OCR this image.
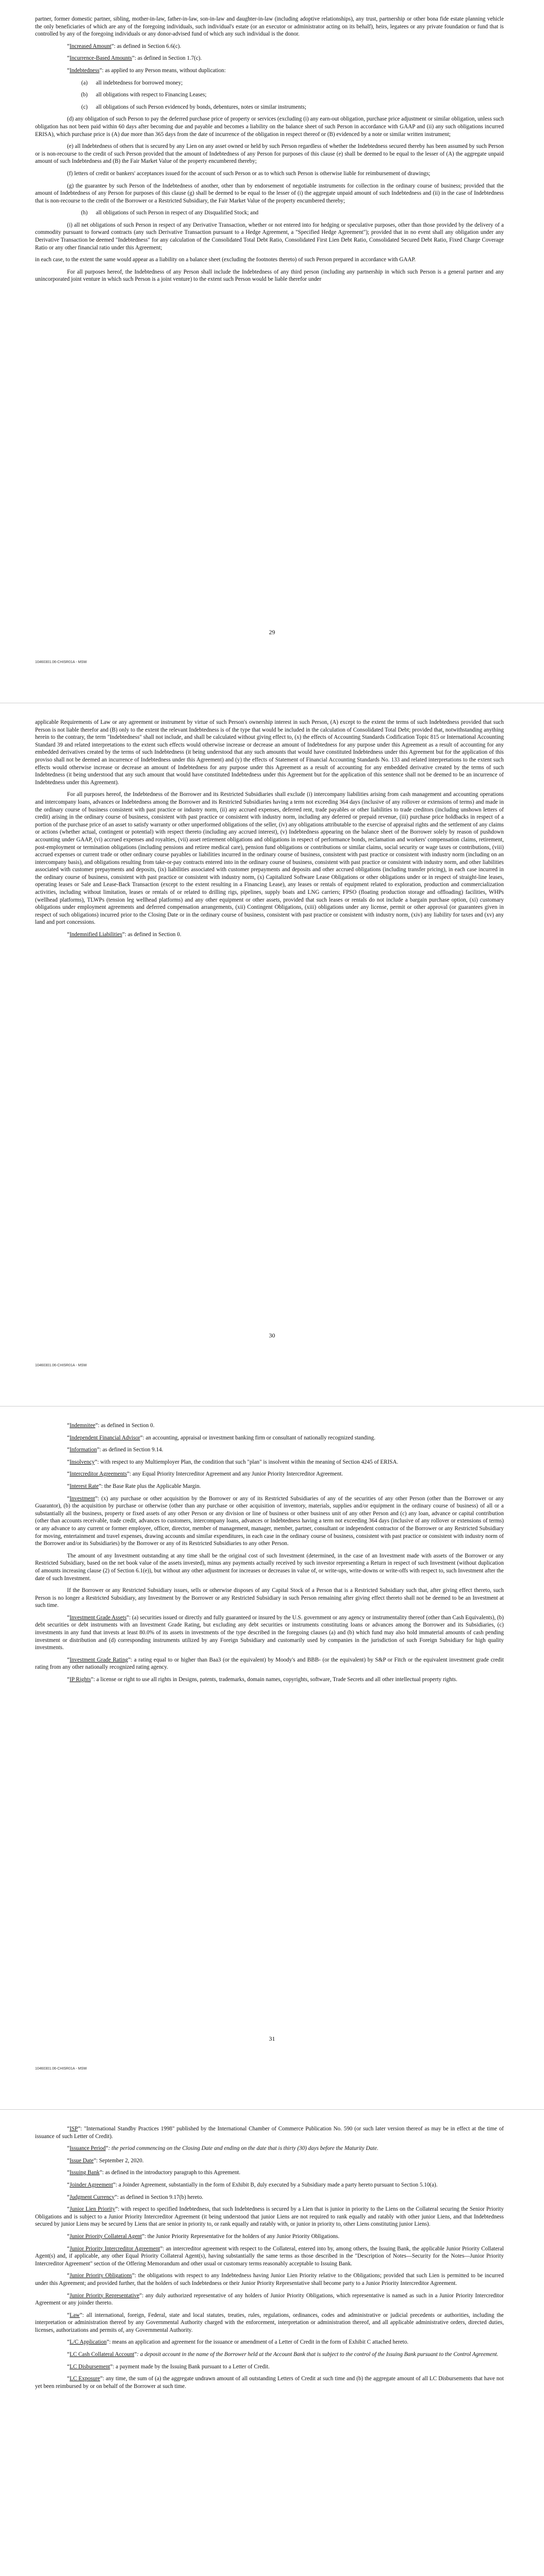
partner, former domestic partner, sibling, mother-in-law, father-in-law, son-in-law and daughter-in-law (including adoptive relationships), any trust, partnership or other bona fide estate planning vehicle the only beneficiaries of which are any of the foregoing individuals, such individual's estate (or an executor or administrator acting on its behalf), heirs, legatees or any private foundation or fund that is controlled by any of the foregoing individuals or any donor-advised fund of which any such individual is the donor.

“Increased Amount”: as defined in Section 6.6(c).

“Incurrence-Based Amounts”: as defined in Section 1.7(c).

“Indebtedness”: as applied to any Person means, without duplication:

(a)	all indebtedness for borrowed money;
(b)	all obligations with respect to Financing Leases;
(c)	all obligations of such Person evidenced by bonds, debentures, notes or similar instruments;

(d) any obligation of such Person to pay the deferred purchase price of property or services (excluding (i) any earn-out obligation, purchase price adjustment or similar obligation, unless such obligation has not been paid within 60 days after becoming due and payable and becomes a liability on the balance sheet of such Person in accordance with GAAP and (ii) any such obligations incurred ERISA), which purchase price is (A) due more than 365 days from the date of incurrence of the obligation in respect thereof or (B) evidenced by a note or similar written instrument;

(e) all Indebtedness of others that is secured by any Lien on any asset owned or held by such Person regardless of whether the Indebtedness secured thereby has been assumed by such Person or is non-recourse to the credit of such Person provided that the amount of Indebtedness of any Person for purposes of this clause (e) shall be deemed to be equal to the lesser of (A) the aggregate unpaid amount of such Indebtedness and (B) the Fair Market Value of the property encumbered thereby;

(f) letters of credit or bankers' acceptances issued for the account of such Person or as to which such Person is otherwise liable for reimbursement of drawings;

(g) the guarantee by such Person of the Indebtedness of another, other than by endorsement of negotiable instruments for collection in the ordinary course of business; provided that the amount of Indebtedness of any Person for purposes of this clause (g) shall be deemed to be equal to the lesser of (i) the aggregate unpaid amount of such Indebtedness and (ii) in the case of Indebtedness that is non-recourse to the credit of the Borrower or a Restricted Subsidiary, the Fair Market Value of the property encumbered thereby;

(h)	all obligations of such Person in respect of any Disqualified Stock; and

(i) all net obligations of such Person in respect of any Derivative Transaction, whether or not entered into for hedging or speculative purposes, other than those provided by the delivery of a commodity pursuant to forward contracts (any such Derivative Transaction pursuant to a Hedge Agreement, a "Specified Hedge Agreement"); provided that in no event shall any obligation under any Derivative Transaction be deemed "Indebtedness" for any calculation of the Consolidated Total Debt Ratio, Consolidated First Lien Debt Ratio, Consolidated Secured Debt Ratio, Fixed Charge Coverage Ratio or any other financial ratio under this Agreement;

in each case, to the extent the same would appear as a liability on a balance sheet (excluding the footnotes thereto) of such Person prepared in accordance with GAAP.

For all purposes hereof, the Indebtedness of any Person shall include the Indebtedness of any third person (including any partnership in which such Person is a general partner and any unincorporated joint venture in which such Person is a joint venture) to the extent such Person would be liable therefor under

29
10460301.06-CHISR01A - MSW

applicable Requirements of Law or any agreement or instrument by virtue of such Person's ownership interest in such Person, (A) except to the extent the terms of such Indebtedness provided that such Person is not liable therefor and (B) only to the extent the relevant Indebtedness is of the type that would be included in the calculation of Consolidated Total Debt; provided that, notwithstanding anything herein to the contrary, the term "Indebtedness" shall not include, and shall be calculated without giving effect to, (x) the effects of Accounting Standards Codification Topic 815 or International Accounting Standard 39 and related interpretations to the extent such effects would otherwise increase or decrease an amount of Indebtedness for any purpose under this Agreement as a result of accounting for any embedded derivatives created by the terms of such Indebtedness (it being understood that any such amounts that would have constituted Indebtedness under this Agreement but for the application of this proviso shall not be deemed an incurrence of Indebtedness under this Agreement) and (y) the effects of Statement of Financial Accounting Standards No. 133 and related interpretations to the extent such effects would otherwise increase or decrease an amount of Indebtedness for any purpose under this Agreement as a result of accounting for any embedded derivative created by the terms of such Indebtedness (it being understood that any such amount that would have constituted Indebtedness under this Agreement but for the application of this sentence shall not be deemed to be an incurrence of Indebtedness under this Agreement).

For all purposes hereof, the Indebtedness of the Borrower and its Restricted Subsidiaries shall exclude (i) intercompany liabilities arising from cash management and accounting operations and intercompany loans, advances or Indebtedness among the Borrower and its Restricted Subsidiaries having a term not exceeding 364 days (inclusive of any rollover or extensions of terms) and made in the ordinary course of business consistent with past practice or industry norm, (ii) any accrued expenses, deferred rent, trade payables or other liabilities to trade creditors (including unshown letters of credit) arising in the ordinary course of business, consistent with past practice or consistent with industry norm, including any deferred or prepaid revenue, (iii) purchase price holdbacks in respect of a portion of the purchase price of an asset to satisfy warranty or other unperformed obligations of the seller, (iv) any obligations attributable to the exercise of appraisal rights and the settlement of any claims or actions (whether actual, contingent or potential) with respect thereto (including any accrued interest), (v) Indebtedness appearing on the balance sheet of the Borrower solely by reason of pushdown accounting under GAAP, (vi) accrued expenses and royalties, (vii) asset retirement obligations and obligations in respect of performance bonds, reclamation and workers' compensation claims, retirement, post-employment or termination obligations (including pensions and retiree medical care), pension fund obligations or contributions or similar claims, social security or wage taxes or contributions, (viii) accrued expenses or current trade or other ordinary course payables or liabilities incurred in the ordinary course of business, consistent with past practice or consistent with industry norm (including on an intercompany basis), and obligations resulting from take-or-pay contracts entered into in the ordinary course of business, consistent with past practice or consistent with industry norm, and other liabilities associated with customer prepayments and deposits, (ix) liabilities associated with customer prepayments and deposits and other accrued obligations (including transfer pricing), in each case incurred in the ordinary course of business, consistent with past practice or consistent with industry norm, (x) Capitalized Software Lease Obligations or other obligations under or in respect of straight-line leases, operating leases or Sale and Lease-Back Transaction (except to the extent resulting in a Financing Lease), any leases or rentals of equipment related to exploration, production and commercialization activities, including without limitation, leases or rentals of or related to drilling rigs, pipelines, supply boats and LNG carriers; FPSO (floating production storage and offloading) facilities, WHPs (wellhead platforms), TLWPs (tension leg wellhead platforms) and any other equipment or other assets, provided that such leases or rentals do not include a bargain purchase option, (xi) customary obligations under employment agreements and deferred compensation arrangements, (xii) Contingent Obligations, (xiii) obligations under any license, permit or other approval (or guarantees given in respect of such obligations) incurred prior to the Closing Date or in the ordinary course of business, consistent with past practice or consistent with industry norm, (xiv) any liability for taxes and (xv) any land and port concessions.

“Indemnified Liabilities”: as defined in Section 0.

30
10460301.06-CHISR01A - MSW

“Indemnitee”: as defined in Section 0.

“Independent Financial Advisor”: an accounting, appraisal or investment banking firm or consultant of nationally recognized standing.

“Information”: as defined in Section 9.14.

“Insolvency”: with respect to any Multiemployer Plan, the condition that such "plan" is insolvent within the meaning of Section 4245 of ERISA.

“Intercreditor Agreements”: any Equal Priority Intercreditor Agreement and any Junior Priority Intercreditor Agreement.

“Interest Rate”: the Base Rate plus the Applicable Margin.

“Investment”: (x) any purchase or other acquisition by the Borrower or any of its Restricted Subsidiaries of any of the securities of any other Person (other than the Borrower or any Guarantor), (b) the acquisition by purchase or otherwise (other than any purchase or other acquisition of inventory, materials, supplies and/or equipment in the ordinary course of business) of all or a substantially all the business, property or fixed assets of any other Person or any division or line of business or other business unit of any other Person and (c) any loan, advance or capital contribution (other than accounts receivable, trade credit, advances to customers, intercompany loans, advances or Indebtedness having a term not exceeding 364 days (inclusive of any rollover or extensions of terms) or any advance to any current or former employee, officer, director, member of management, manager, member, partner, consultant or independent contractor of the Borrower or any Restricted Subsidiary for moving, entertainment and travel expenses, drawing accounts and similar expenditures, in each case in the ordinary course of business, consistent with past practice or consistent with industry norm of the Borrower and/or its Subsidiaries) by the Borrower or any of its Restricted Subsidiaries to any other Person.

The amount of any Investment outstanding at any time shall be the original cost of such Investment (determined, in the case of an Investment made with assets of the Borrower or any Restricted Subsidiary, based on the net book value of the assets invested), minus any payments actually received by such investor representing a Return in respect of such Investment (without duplication of amounts increasing clause (2) of Section 6.1(e)), but without any other adjustment for increases or decreases in value of, or write-ups, write-downs or write-offs with respect to, such Investment after the date of such Investment.

If the Borrower or any Restricted Subsidiary issues, sells or otherwise disposes of any Capital Stock of a Person that is a Restricted Subsidiary such that, after giving effect thereto, such Person is no longer a Restricted Subsidiary, any Investment by the Borrower or any Restricted Subsidiary in such Person remaining after giving effect thereto shall not be deemed to be an Investment at such time.

“Investment Grade Assets”: (a) securities issued or directly and fully guaranteed or insured by the U.S. government or any agency or instrumentality thereof (other than Cash Equivalents), (b) debt securities or debt instruments with an Investment Grade Rating, but excluding any debt securities or instruments constituting loans or advances among the Borrower and its Subsidiaries, (c) investments in any fund that invests at least 80.0% of its assets in investments of the type described in the foregoing clauses (a) and (b) which fund may also hold immaterial amounts of cash pending investment or distribution and (d) corresponding instruments utilized by any Foreign Subsidiary and customarily used by companies in the jurisdiction of such Foreign Subsidiary for high quality investments.

“Investment Grade Rating”: a rating equal to or higher than Baa3 (or the equivalent) by Moody's and BBB- (or the equivalent) by S&P or Fitch or the equivalent investment grade credit rating from any other nationally recognized rating agency.

“IP Rights”: a license or right to use all rights in Designs, patents, trademarks, domain names, copyrights, software, Trade Secrets and all other intellectual property rights.

31
10460301.06-CHISR01A - MSW

“ISP”: "International Standby Practices 1998" published by the International Chamber of Commerce Publication No. 590 (or such later version thereof as may be in effect at the time of issuance of such Letter of Credit).

“Issuance Period”: the period commencing on the Closing Date and ending on the date that is thirty (30) days before the Maturity Date.

“Issue Date”: September 2, 2020.

“Issuing Bank”: as defined in the introductory paragraph to this Agreement.

“Joinder Agreement”: a Joinder Agreement, substantially in the form of Exhibit B, duly executed by a Subsidiary made a party hereto pursuant to Section 5.10(a).

“Judgment Currency”: as defined in Section 9.17(b) hereto.

“Junior Lien Priority”: with respect to specified Indebtedness, that such Indebtedness is secured by a Lien that is junior in priority to the Liens on the Collateral securing the Senior Priority Obligations and is subject to a Junior Priority Intercreditor Agreement (it being understood that junior Liens are not required to rank equally and ratably with other junior Liens, and that Indebtedness secured by junior Liens may be secured by Liens that are senior in priority to, or rank equally and ratably with, or junior in priority to, other Liens constituting junior Liens).

“Junior Priority Collateral Agent”: the Junior Priority Representative for the holders of any Junior Priority Obligations.

“Junior Priority Intercreditor Agreement”: an intercreditor agreement with respect to the Collateral, entered into by, among others, the Issuing Bank, the applicable Junior Priority Collateral Agent(s) and, if applicable, any other Equal Priority Collateral Agent(s), having substantially the same terms as those described in the "Description of Notes—Security for the Notes—Junior Priority Intercreditor Agreement" section of the Offering Memorandum and other usual or customary terms reasonably acceptable to Issuing Bank.

“Junior Priority Obligations”: the obligations with respect to any Indebtedness having Junior Lien Priority relative to the Obligations; provided that such Lien is permitted to be incurred under this Agreement; and provided further, that the holders of such Indebtedness or their Junior Priority Representative shall become party to a Junior Priority Intercreditor Agreement.

“Junior Priority Representative”: any duly authorized representative of any holders of Junior Priority Obligations, which representative is named as such in a Junior Priority Intercreditor Agreement or any joinder thereto.

“Law”: all international, foreign, Federal, state and local statutes, treaties, rules, regulations, ordinances, codes and administrative or judicial precedents or authorities, including the interpretation or administration thereof by any Governmental Authority charged with the enforcement, interpretation or administration thereof, and all applicable administrative orders, directed duties, licenses, authorizations and permits of, any Governmental Authority.

“L/C Application”: means an application and agreement for the issuance or amendment of a Letter of Credit in the form of Exhibit C attached hereto.

“LC Cash Collateral Account”: a deposit account in the name of the Borrower held at the Account Bank that is subject to the control of the Issuing Bank pursuant to the Control Agreement.

“LC Disbursement”: a payment made by the Issuing Bank pursuant to a Letter of Credit.

“LC Exposure”: any time, the sum of (a) the aggregate undrawn amount of all outstanding Letters of Credit at such time and (b) the aggregate amount of all LC Disbursements that have not yet been reimbursed by or on behalf of the Borrower at such time.
